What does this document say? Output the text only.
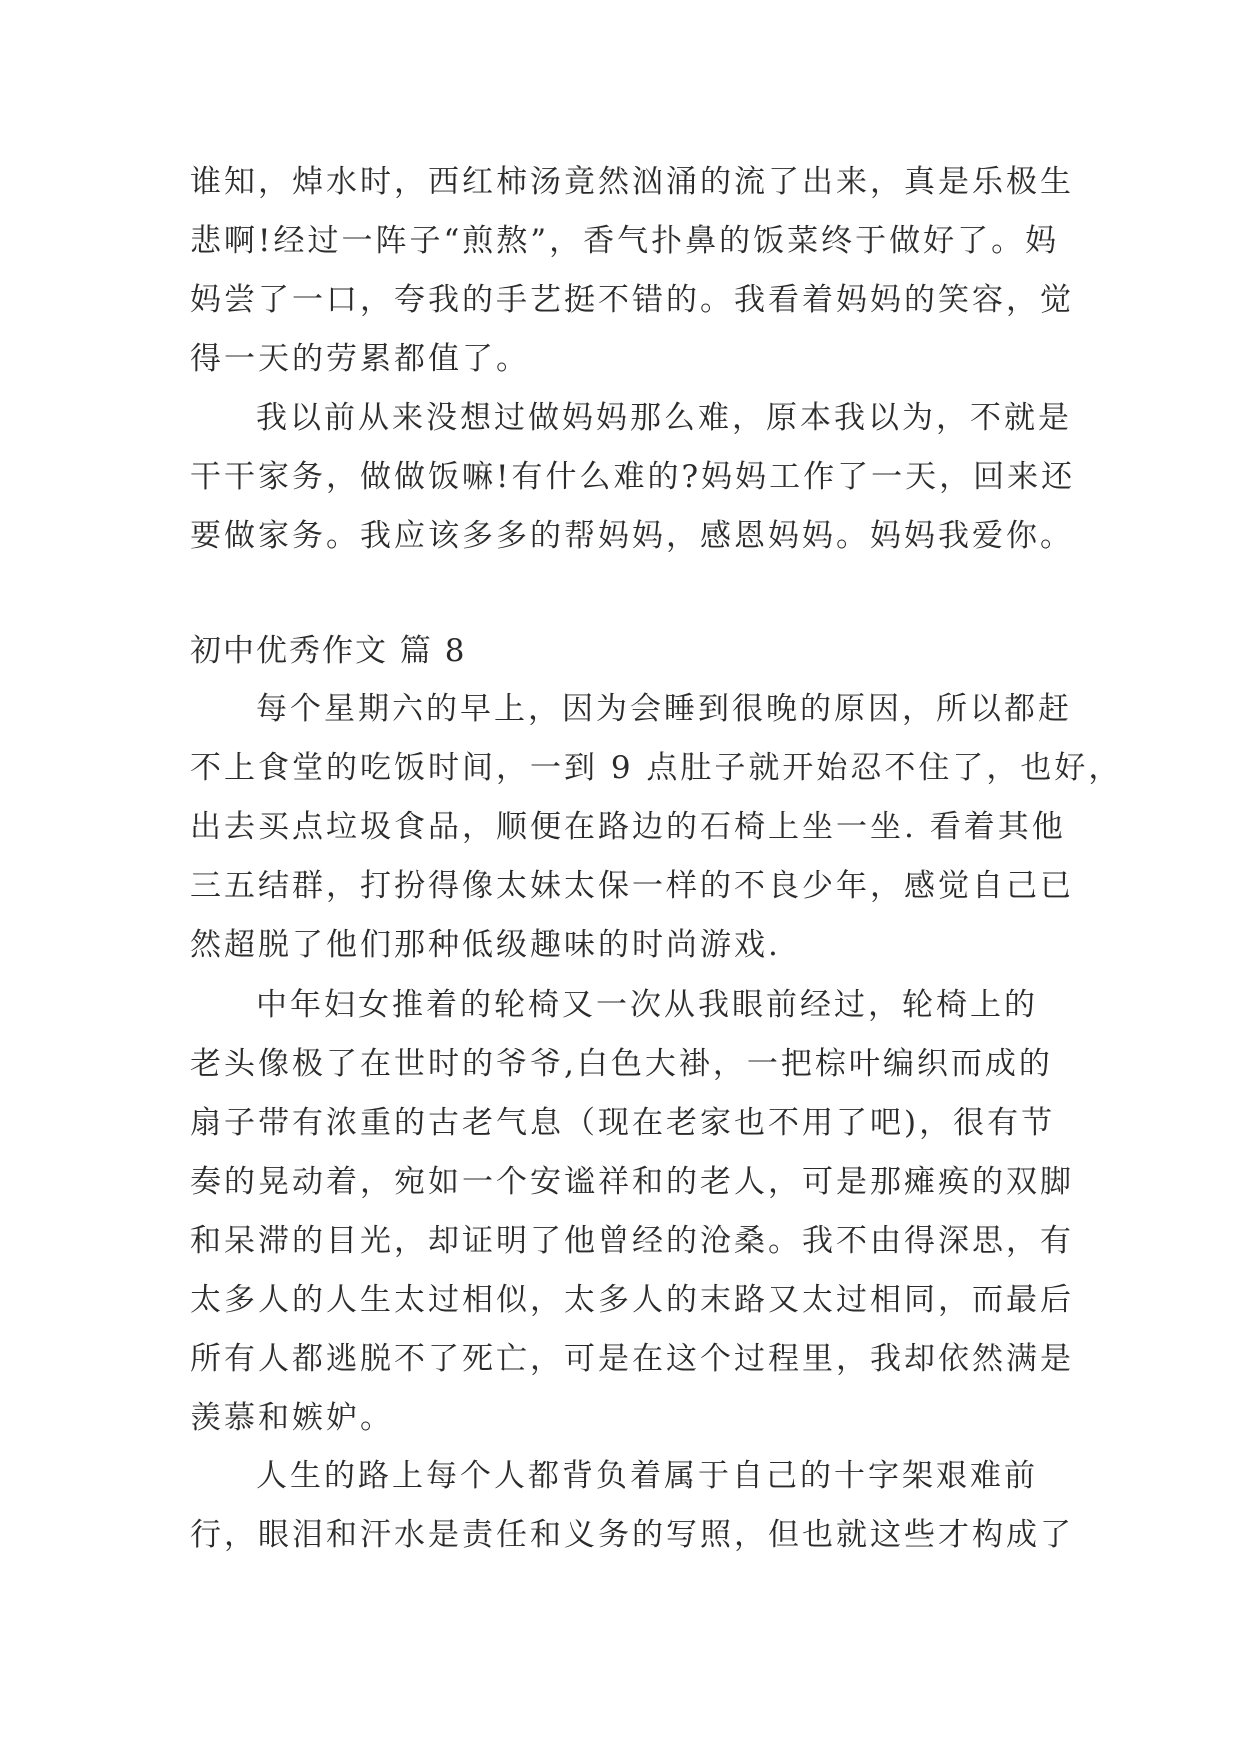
谁知，焯水时，西红柿汤竟然汹涌的流了出来，真是乐极生
悲啊!经过一阵子“煎熬”，香气扑鼻的饭菜终于做好了。妈
妈尝了一口，夸我的手艺挺不错的。我看着妈妈的笑容，觉
得一天的劳累都值了。
我以前从来没想过做妈妈那么难，原本我以为，不就是
干干家务，做做饭嘛!有什么难的?妈妈工作了一天，回来还
要做家务。我应该多多的帮妈妈，感恩妈妈。妈妈我爱你。
初中优秀作文 篇 8
每个星期六的早上，因为会睡到很晚的原因，所以都赶
不上食堂的吃饭时间，一到 9 点肚子就开始忍不住了，也好，
出去买点垃圾食品，顺便在路边的石椅上坐一坐. 看着其他
三五结群，打扮得像太妹太保一样的不良少年，感觉自己已
然超脱了他们那种低级趣味的时尚游戏.
中年妇女推着的轮椅又一次从我眼前经过，轮椅上的
老头像极了在世时的爷爷,白色大褂，一把棕叶编织而成的
扇子带有浓重的古老气息（现在老家也不用了吧)，很有节
奏的晃动着，宛如一个安谧祥和的老人，可是那瘫痪的双脚
和呆滞的目光，却证明了他曾经的沧桑。我不由得深思，有
太多人的人生太过相似，太多人的末路又太过相同，而最后
所有人都逃脱不了死亡，可是在这个过程里，我却依然满是
羡慕和嫉妒。
人生的路上每个人都背负着属于自己的十字架艰难前
行，眼泪和汗水是责任和义务的写照，但也就这些才构成了
